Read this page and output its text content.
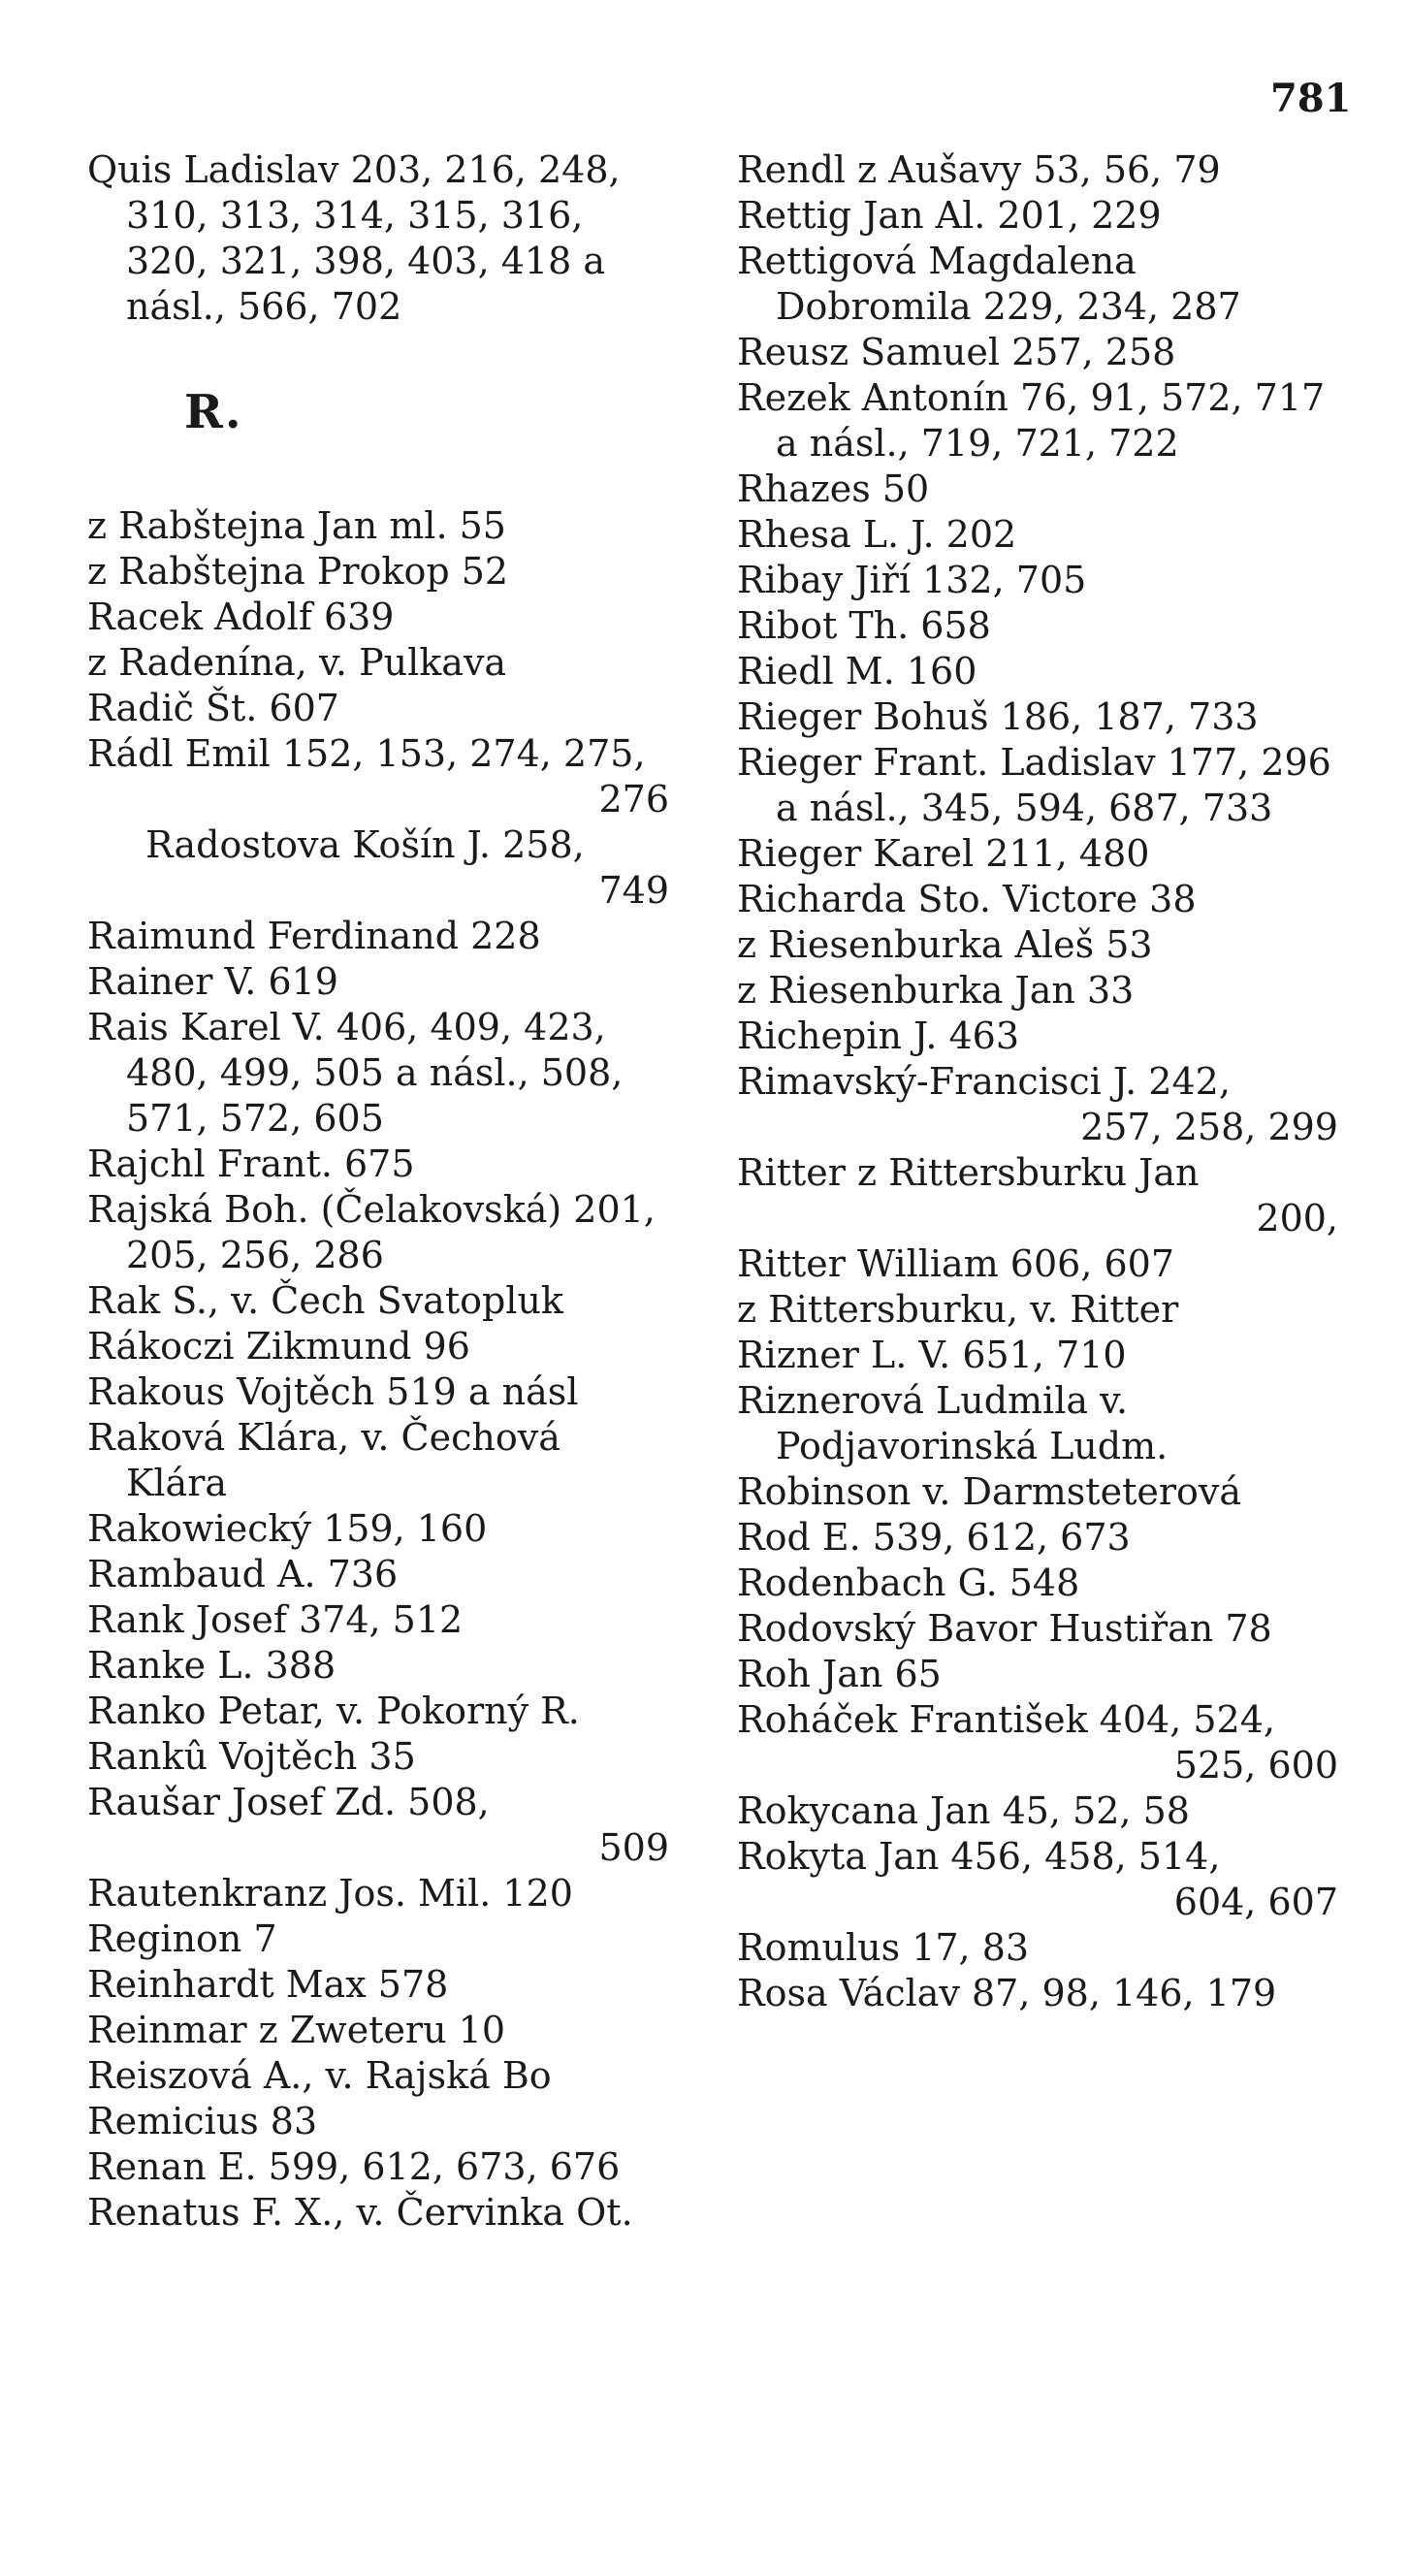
781
Quis Ladislav 203, 216, 248, 310, 313, 314, 315, 316, 320, 321, 398, 403, 418 a násl., 566, 702
R.
z Rabštejna Jan ml. 55
z Rabštejna Prokop 52
Racek Adolf 639
z Radenína, v. Pulkava
Radič Št. 607
Rádl Emil 152, 153, 274, 275,
276
Radostova Košín J. 258,
749
Raimund Ferdinand 228
Rainer V. 619
Rais Karel V. 406, 409, 423, 480, 499, 505 a násl., 508, 571, 572, 605
Rajchl Frant. 675
Rajská Boh. (Čelakovská) 201, 205, 256, 286
Rak S., v. Čech Svatopluk
Rákoczi Zikmund 96
Rakous Vojtěch 519 a násl
Raková Klára, v. Čechová Klára
Rakowiecký 159, 160
Rambaud A. 736
Rank Josef 374, 512
Ranke L. 388
Ranko Petar, v. Pokorný R.
Rankû Vojtěch 35
Raušar Josef Zd. 508,
509
Rautenkranz Jos. Mil. 120
Reginon 7
Reinhardt Max 578
Reinmar z Zweteru 10
Reiszová A., v. Rajská Bo
Remicius 83
Renan E. 599, 612, 673, 676
Renatus F. X., v. Červinka Ot.
Rendl z Aušavy 53, 56, 79
Rettig Jan Al. 201, 229
Rettigová Magdalena Dobromila 229, 234, 287
Reusz Samuel 257, 258
Rezek Antonín 76, 91, 572, 717 a násl., 719, 721, 722
Rhazes 50
Rhesa L. J. 202
Ribay Jiří 132, 705
Ribot Th. 658
Riedl M. 160
Rieger Bohuš 186, 187, 733
Rieger Frant. Ladislav 177, 296 a násl., 345, 594, 687, 733
Rieger Karel 211, 480
Richarda Sto. Victore 38
z Riesenburka Aleš 53
z Riesenburka Jan 33
Richepin J. 463
Rimavský-Francisci J. 242,
257, 258, 299
Ritter z Rittersburku Jan
200,
Ritter William 606, 607
z Rittersburku, v. Ritter
Rizner L. V. 651, 710
Riznerová Ludmila v. Podjavorinská Ludm.
Robinson v. Darmsteterová
Rod E. 539, 612, 673
Rodenbach G. 548
Rodovský Bavor Hustiřan 78
Roh Jan 65
Roháček František 404, 524,
525, 600
Rokycana Jan 45, 52, 58
Rokyta Jan 456, 458, 514,
604, 607
Romulus 17, 83
Rosa Václav 87, 98, 146, 179
